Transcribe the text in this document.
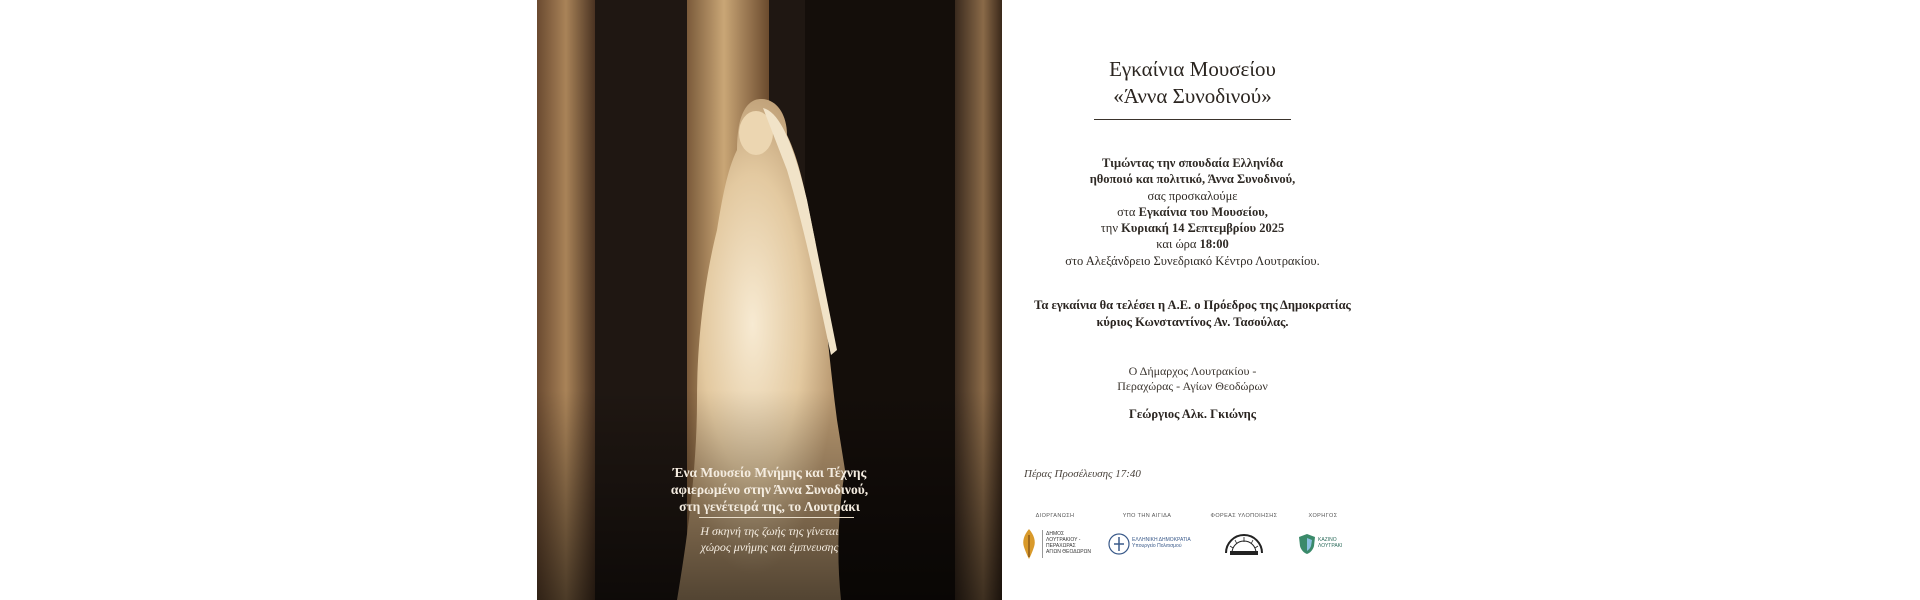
Ένα Μουσείο Μνήμης και Τέχνης
αφιερωμένο στην Άννα Συνοδινού,
στη γενέτειρά της, το Λουτράκι
Η σκηνή της ζωής της γίνεται
χώρος μνήμης και έμπνευσης
Εγκαίνια Μουσείου
«Άννα Συνοδινού»
Τιμώντας την σπουδαία Ελληνίδα
ηθοποιό και πολιτικό, Άννα Συνοδινού,
σας προσκαλούμε
στα Εγκαίνια του Μουσείου,
την Κυριακή 14 Σεπτεμβρίου 2025
και ώρα 18:00
στο Αλεξάνδρειο Συνεδριακό Κέντρο Λουτρακίου.
Τα εγκαίνια θα τελέσει η Α.Ε. ο Πρόεδρος της Δημοκρατίας
κύριος Κωνσταντίνος Αν. Τασούλας.
Ο Δήμαρχος Λουτρακίου -
Περαχώρας - Αγίων Θεοδώρων
Γεώργιος Αλκ. Γκιώνης
Πέρας Προσέλευσης 17:40
ΔΙΟΡΓΑΝΩΣΗ
ΔΗΜΟΣ
ΛΟΥΤΡΑΚΙΟΥ -
ΠΕΡΑΧΩΡΑΣ
ΑΓΙΩΝ ΘΕΟΔΩΡΩΝ
ΥΠΟ ΤΗΝ ΑΙΓΙΔΑ
ΕΛΛΗΝΙΚΗ ΔΗΜΟΚΡΑΤΙΑ
Υπουργείο Πολιτισμού
ΦΟΡΕΑΣ ΥΛΟΠΟΙΗΣΗΣ	ΧΟΡΗΓΟΣ
ΚΑΖΙΝΟ
ΛΟΥΤΡΑΚΙ
